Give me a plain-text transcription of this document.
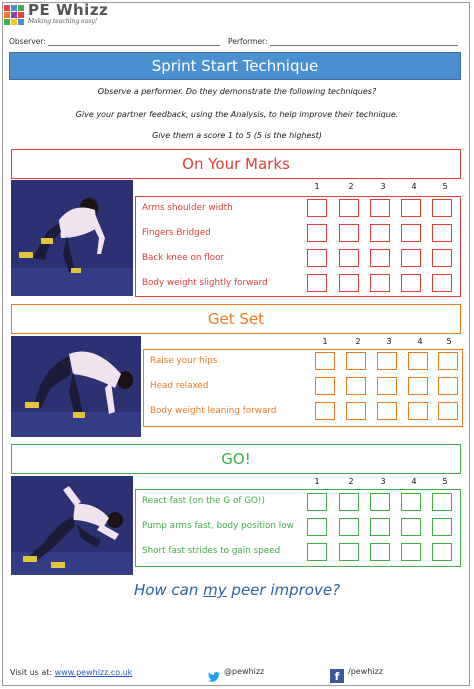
PE Whizz
Making teaching easy!
Observer:	Performer:
Sprint Start Technique
Observe a performer. Do they demonstrate the following techniques?
Give your partner feedback, using the Analysis, to help improve their technique.
Give them a score 1 to 5 (5 is the highest)
On Your Marks
1	2	3	4	5
Arms shoulder width
Fingers Bridged
Back knee on floor
Body weight slightly forward
Get Set
1	2	3	4	5
Raise your hips
Head relaxed
Body weight leaning forward
GO!
1	2	3	4	5
React fast (on the G of GO!)
Pump arms fast, body position low
Short fast strides to gain speed
How can my peer improve?
Visit us at: www.pewhizz.co.uk	@pewhizz	f	/pewhizz
